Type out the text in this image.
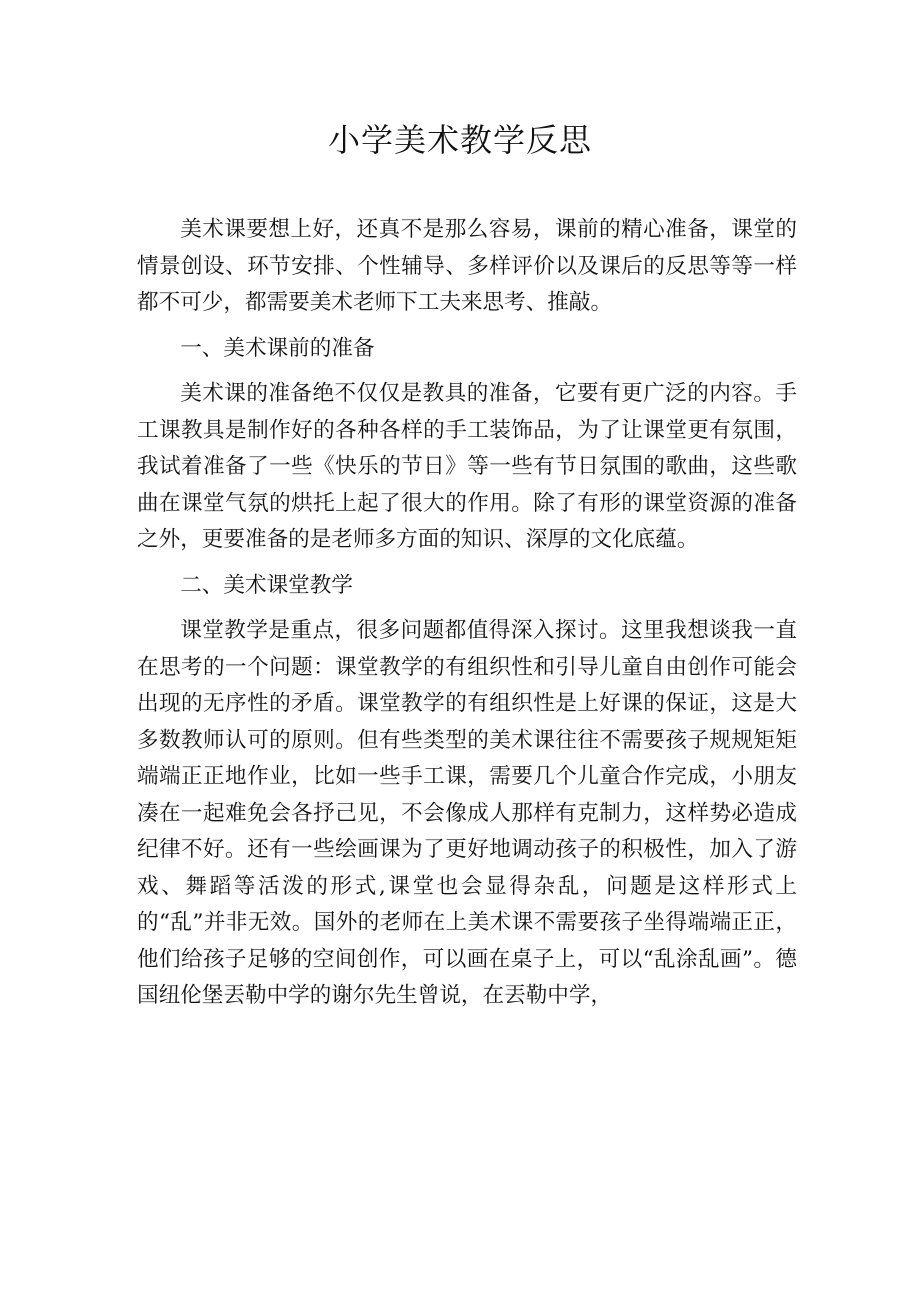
小学美术教学反思

美术课要想上好，还真不是那么容易，课前的精心准备，课堂的情景创设、环节安排、个性辅导、多样评价以及课后的反思等等一样都不可少，都需要美术老师下工夫来思考、推敲。

一、美术课前的准备

美术课的准备绝不仅仅是教具的准备，它要有更广泛的内容。手工课教具是制作好的各种各样的手工装饰品，为了让课堂更有氛围，我试着准备了一些《快乐的节日》等一些有节日氛围的歌曲，这些歌曲在课堂气氛的烘托上起了很大的作用。除了有形的课堂资源的准备之外，更要准备的是老师多方面的知识、深厚的文化底蕴。

二、美术课堂教学

课堂教学是重点，很多问题都值得深入探讨。这里我想谈我一直在思考的一个问题：课堂教学的有组织性和引导儿童自由创作可能会出现的无序性的矛盾。课堂教学的有组织性是上好课的保证，这是大多数教师认可的原则。但有些类型的美术课往往不需要孩子规规矩矩端端正正地作业，比如一些手工课，需要几个儿童合作完成，小朋友凑在一起难免会各抒己见，不会像成人那样有克制力，这样势必造成纪律不好。还有一些绘画课为了更好地调动孩子的积极性，加入了游戏、舞蹈等活泼的形式,课堂也会显得杂乱，问题是这样形式上的“乱”并非无效。国外的老师在上美术课不需要孩子坐得端端正正，他们给孩子足够的空间创作，可以画在桌子上，可以“乱涂乱画”。德国纽伦堡丟勒中学的谢尔先生曾说，在丟勒中学，
